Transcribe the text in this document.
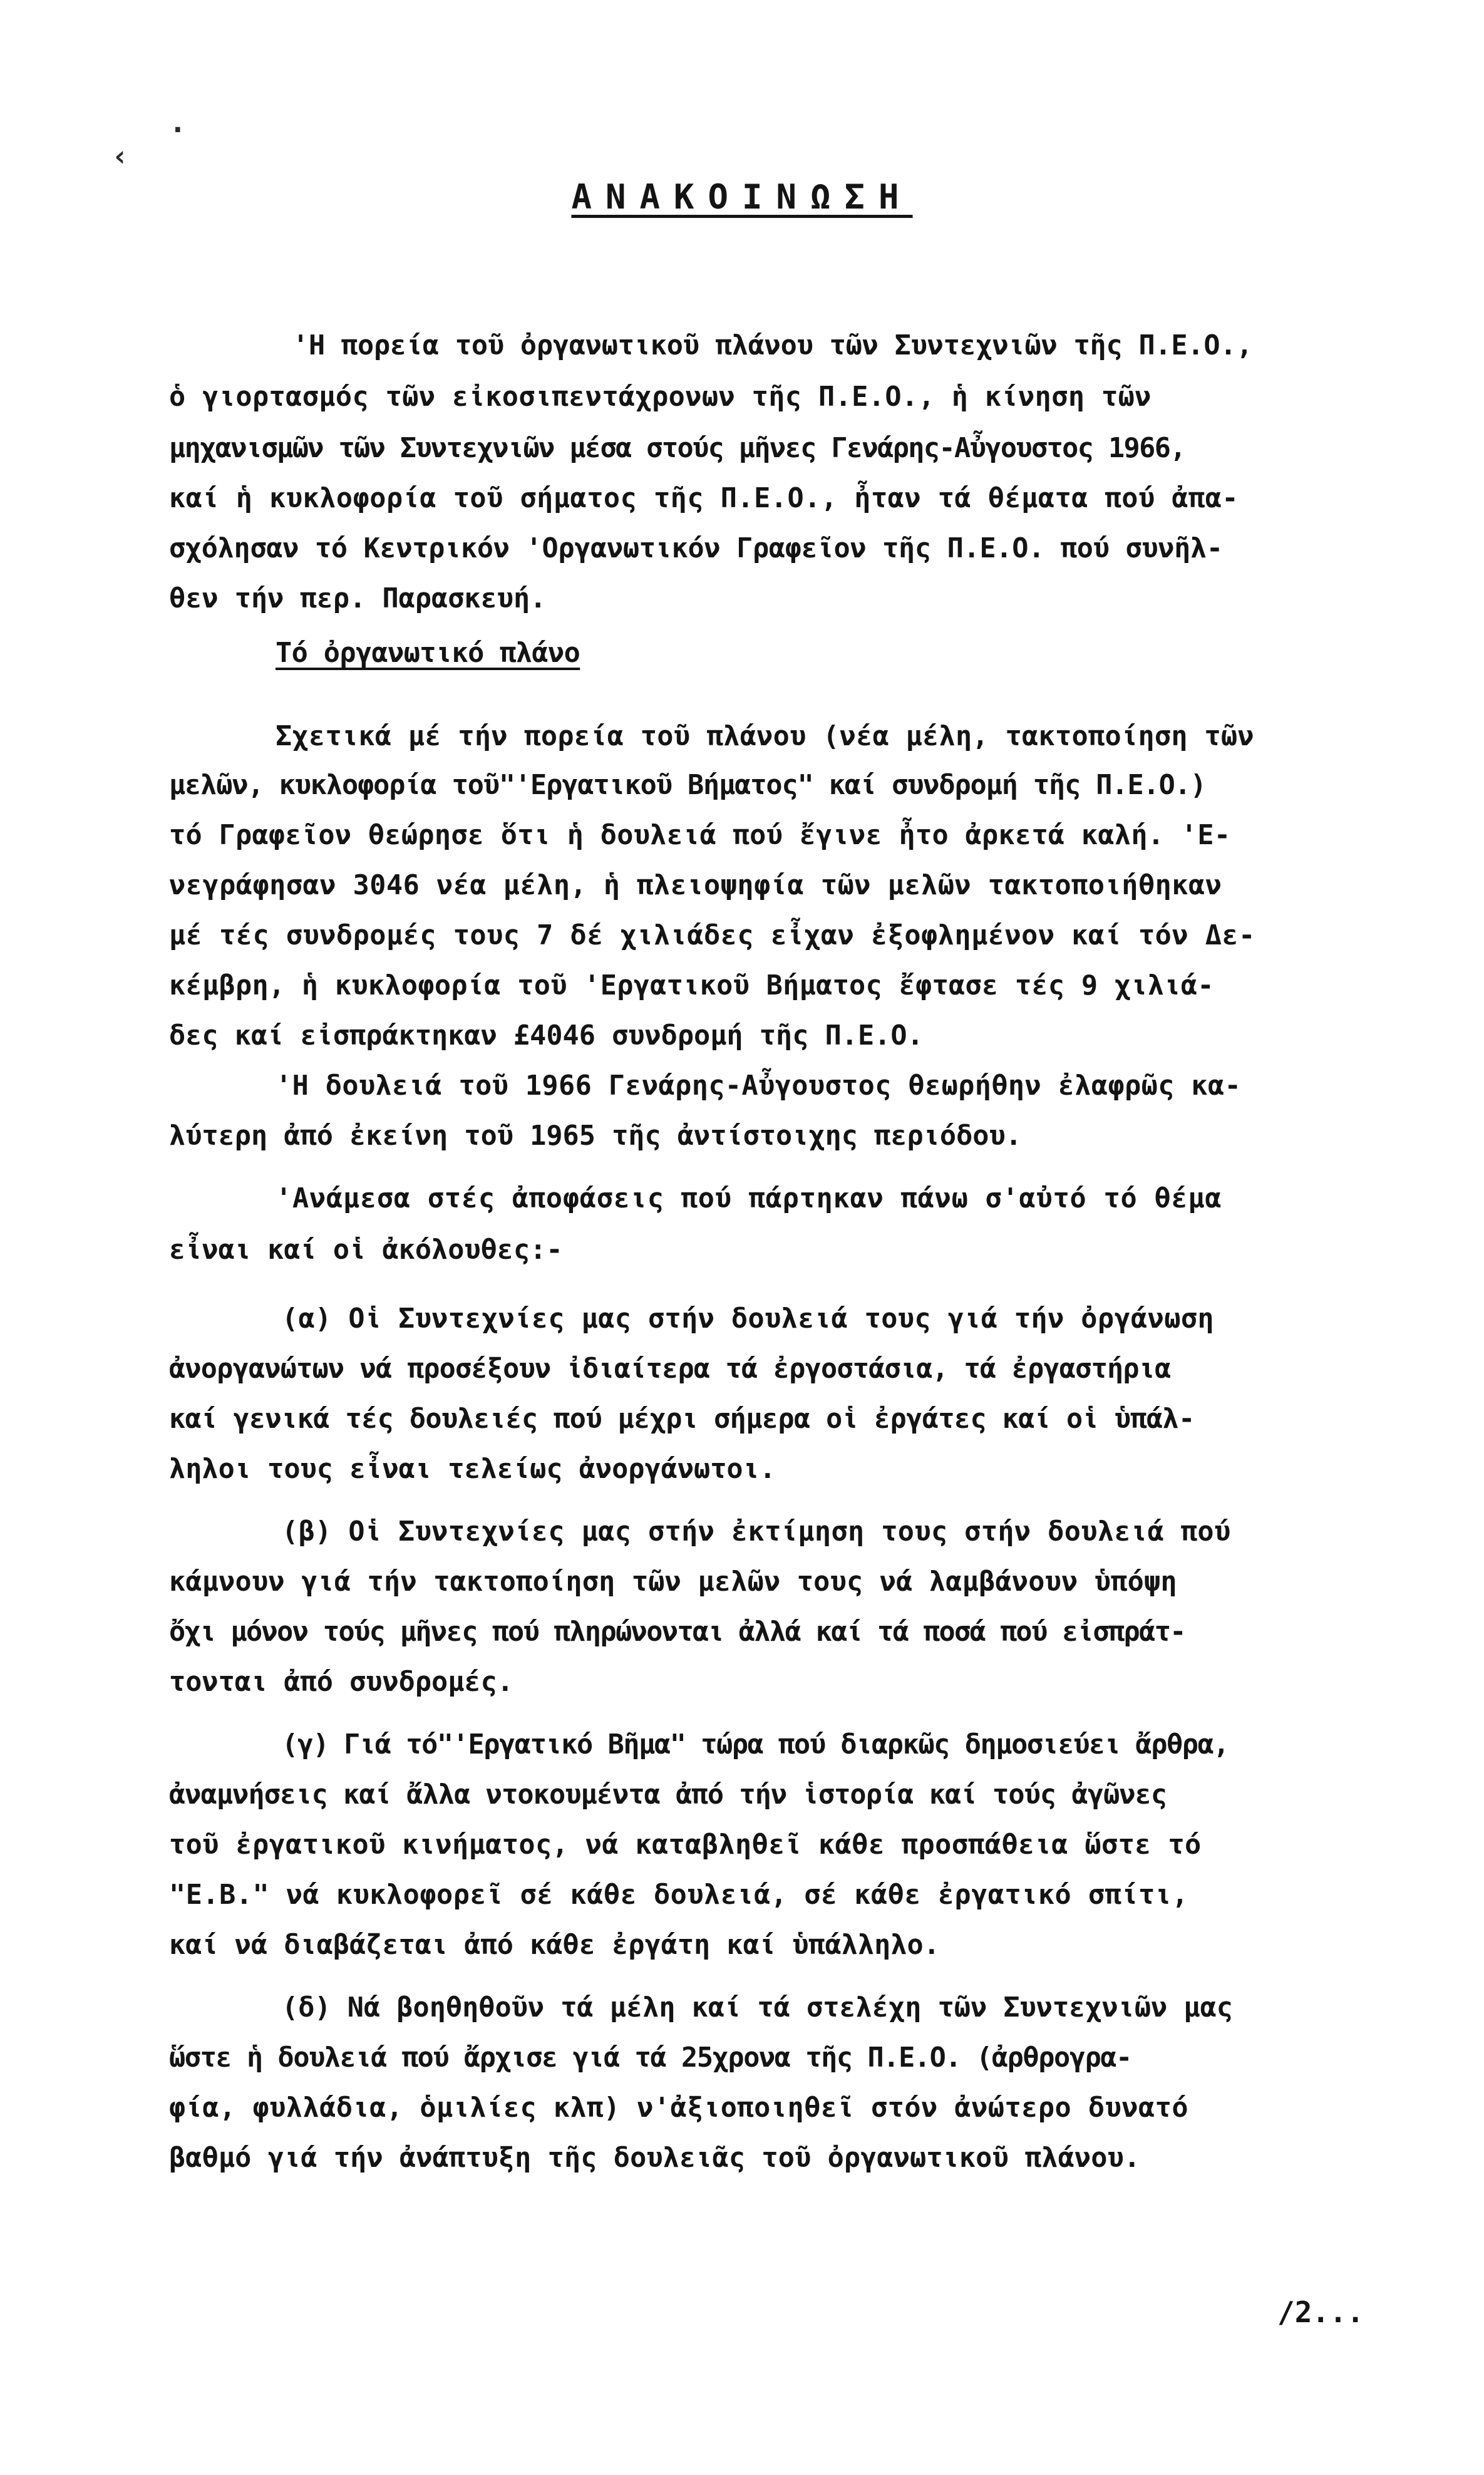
·
‹
ΑΝΑΚΟΙΝΩΣΗ
'Η πορεία τοῦ ὀργανωτικοῦ πλάνου τῶν Συντεχνιῶν τῆς Π.Ε.Ο.,
ὁ γιορτασμός τῶν εἰκοσιπεντάχρονων τῆς Π.Ε.Ο., ἡ κίνηση τῶν
μηχανισμῶν τῶν Συντεχνιῶν μέσα στούς μῆνες Γενάρης-Αὖγουστος 1966,
καί ἡ κυκλοφορία τοῦ σήματος τῆς Π.Ε.Ο., ἦταν τά θέματα πού ἀπα-
σχόλησαν τό Κεντρικόν 'Οργανωτικόν Γραφεῖον τῆς Π.Ε.Ο. πού συνῆλ-
θεν τήν περ. Παρασκευή.
Τό ὀργανωτικό πλάνο
Σχετικά μέ τήν πορεία τοῦ πλάνου (νέα μέλη, τακτοποίηση τῶν
μελῶν, κυκλοφορία τοῦ"'Εργατικοῦ Βήματος" καί συνδρομή τῆς Π.Ε.Ο.)
τό Γραφεῖον θεώρησε ὅτι ἡ δουλειά πού ἔγινε ἦτο ἀρκετά καλή. 'Ε-
νεγράφησαν 3046 νέα μέλη, ἡ πλειοψηφία τῶν μελῶν τακτοποιήθηκαν
μέ τές συνδρομές τους 7 δέ χιλιάδες εἶχαν ἐξοφλημένον καί τόν Δε-
κέμβρη, ἡ κυκλοφορία τοῦ 'Εργατικοῦ Βήματος ἔφτασε τές 9 χιλιά-
δες καί εἰσπράκτηκαν £4046 συνδρομή τῆς Π.Ε.Ο.
'Η δουλειά τοῦ 1966 Γενάρης-Αὖγουστος θεωρήθην ἐλαφρῶς κα-
λύτερη ἀπό ἐκείνη τοῦ 1965 τῆς ἀντίστοιχης περιόδου.
'Ανάμεσα στές ἀποφάσεις πού πάρτηκαν πάνω σ'αὐτό τό θέμα
εἶναι καί οἱ ἀκόλουθες:-
(α) Οἱ Συντεχνίες μας στήν δουλειά τους γιά τήν ὀργάνωση
ἀνοργανώτων νά προσέξουν ἰδιαίτερα τά ἐργοστάσια, τά ἐργαστήρια
καί γενικά τές δουλειές πού μέχρι σήμερα οἱ ἐργάτες καί οἱ ὑπάλ-
ληλοι τους εἶναι τελείως ἀνοργάνωτοι.
(β) Οἱ Συντεχνίες μας στήν ἐκτίμηση τους στήν δουλειά πού
κάμνουν γιά τήν τακτοποίηση τῶν μελῶν τους νά λαμβάνουν ὑπόψη
ὄχι μόνον τούς μῆνες πού πληρώνονται ἀλλά καί τά ποσά πού εἰσπράτ-
τονται ἀπό συνδρομές.
(γ) Γιά τό"'Εργατικό Βῆμα" τώρα πού διαρκῶς δημοσιεύει ἄρθρα,
ἀναμνήσεις καί ἄλλα ντοκουμέντα ἀπό τήν ἱστορία καί τούς ἀγῶνες
τοῦ ἐργατικοῦ κινήματος, νά καταβληθεῖ κάθε προσπάθεια ὥστε τό
"Ε.Β." νά κυκλοφορεῖ σέ κάθε δουλειά, σέ κάθε ἐργατικό σπίτι,
καί νά διαβάζεται ἀπό κάθε ἐργάτη καί ὑπάλληλο.
(δ) Νά βοηθηθοῦν τά μέλη καί τά στελέχη τῶν Συντεχνιῶν μας
ὥστε ἡ δουλειά πού ἄρχισε γιά τά 25χρονα τῆς Π.Ε.Ο. (ἀρθρογρα-
φία, φυλλάδια, ὁμιλίες κλπ) ν'ἀξιοποιηθεῖ στόν ἀνώτερο δυνατό
βαθμό γιά τήν ἀνάπτυξη τῆς δουλειᾶς τοῦ ὀργανωτικοῦ πλάνου.
/2...
